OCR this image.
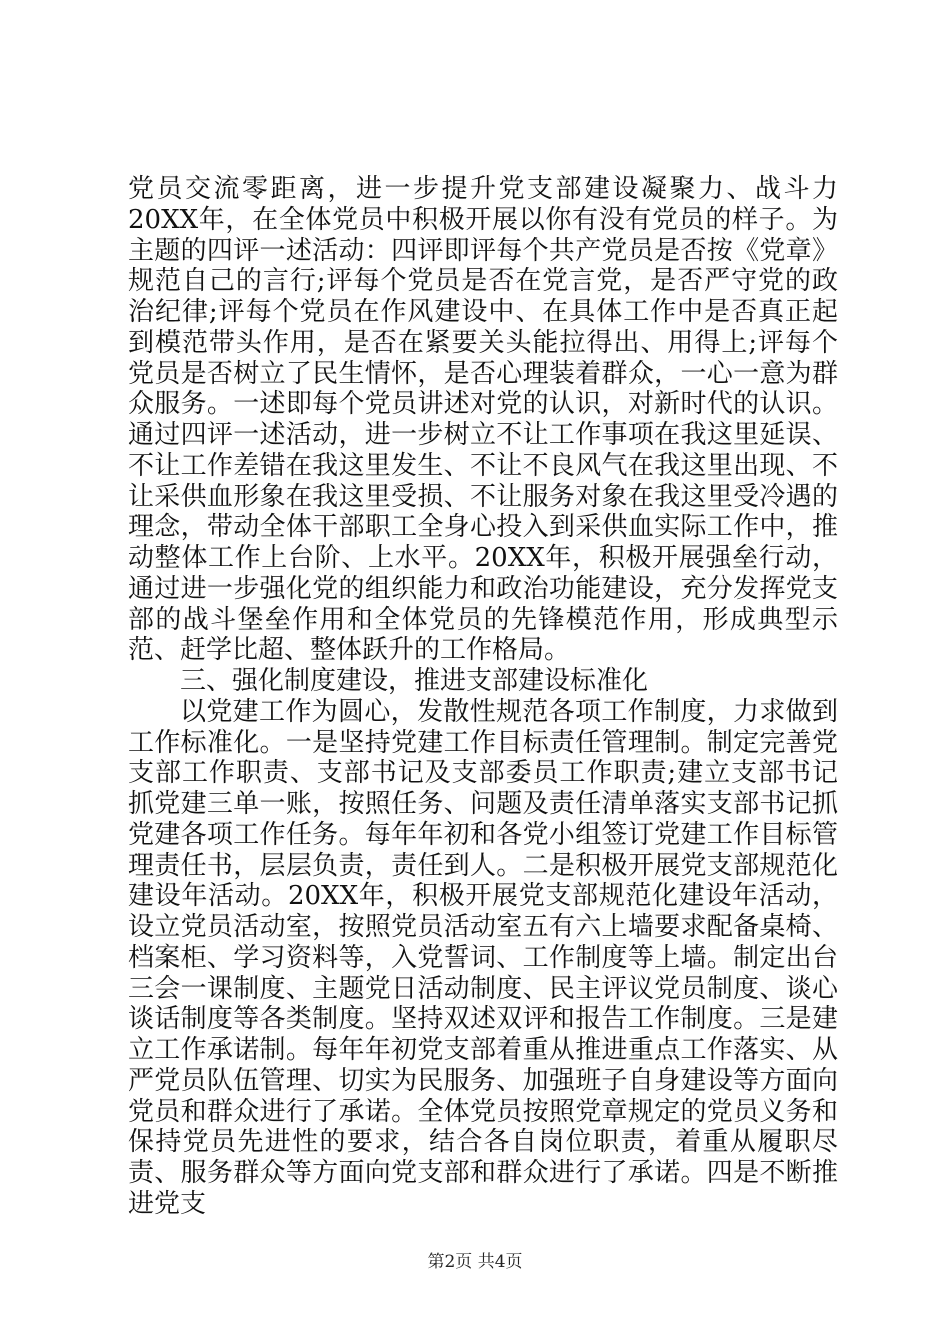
党员交流零距离，进一步提升党支部建设凝聚力、战斗力20XX年，在全体党员中积极开展以你有没有党员的样子。为主题的四评一述活动：四评即评每个共产党员是否按《党章》规范自己的言行;评每个党员是否在党言党，是否严守党的政治纪律;评每个党员在作风建设中、在具体工作中是否真正起到模范带头作用，是否在紧要关头能拉得出、用得上;评每个党员是否树立了民生情怀，是否心理装着群众，一心一意为群众服务。一述即每个党员讲述对党的认识，对新时代的认识。通过四评一述活动，进一步树立不让工作事项在我这里延误、不让工作差错在我这里发生、不让不良风气在我这里出现、不让采供血形象在我这里受损、不让服务对象在我这里受冷遇的理念，带动全体干部职工全身心投入到采供血实际工作中，推动整体工作上台阶、上水平。20XX年，积极开展强垒行动，通过进一步强化党的组织能力和政治功能建设，充分发挥党支部的战斗堡垒作用和全体党员的先锋模范作用，形成典型示范、赶学比超、整体跃升的工作格局。

三、强化制度建设，推进支部建设标准化

以党建工作为圆心，发散性规范各项工作制度，力求做到工作标准化。一是坚持党建工作目标责任管理制。制定完善党支部工作职责、支部书记及支部委员工作职责;建立支部书记抓党建三单一账，按照任务、问题及责任清单落实支部书记抓党建各项工作任务。每年年初和各党小组签订党建工作目标管理责任书，层层负责，责任到人。二是积极开展党支部规范化建设年活动。20XX年，积极开展党支部规范化建设年活动，设立党员活动室，按照党员活动室五有六上墙要求配备桌椅、档案柜、学习资料等，入党誓词、工作制度等上墙。制定出台三会一课制度、主题党日活动制度、民主评议党员制度、谈心谈话制度等各类制度。坚持双述双评和报告工作制度。三是建立工作承诺制。每年年初党支部着重从推进重点工作落实、从严党员队伍管理、切实为民服务、加强班子自身建设等方面向党员和群众进行了承诺。全体党员按照党章规定的党员义务和保持党员先进性的要求，结合各自岗位职责，着重从履职尽责、服务群众等方面向党支部和群众进行了承诺。四是不断推进党支

第2页 共4页
